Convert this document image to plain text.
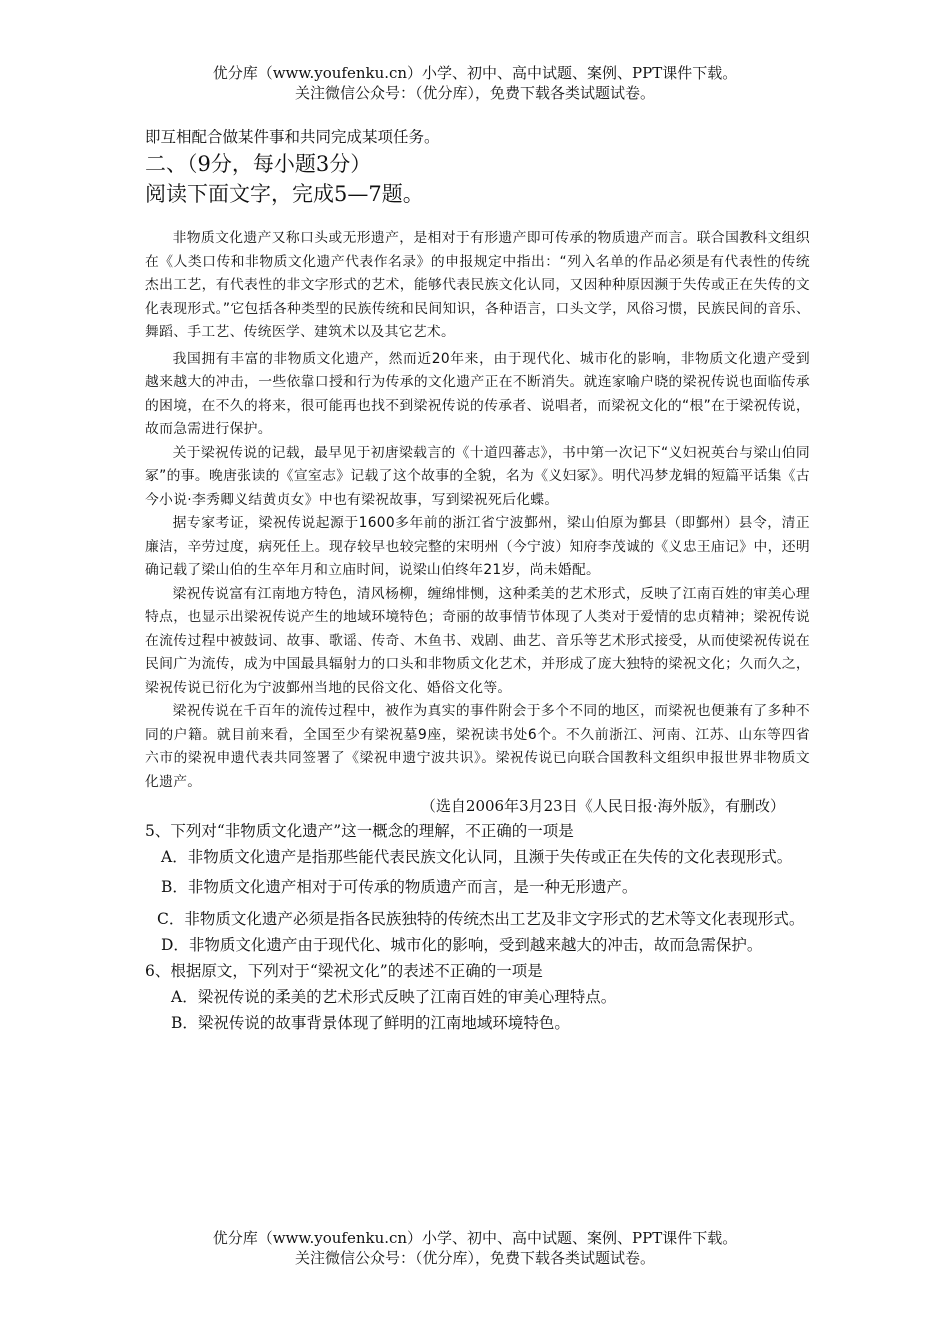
优分库（www.youfenku.cn）小学、初中、高中试题、案例、PPT课件下载。
关注微信公众号：（优分库），免费下载各类试题试卷。

即互相配合做某件事和共同完成某项任务。

二、（9分，每小题3分）

阅读下面文字，完成5—7题。

非物质文化遗产又称口头或无形遗产，是相对于有形遗产即可传承的物质遗产而言。联合国教科文组织在《人类口传和非物质文化遗产代表作名录》的申报规定中指出：“列入名单的作品必须是有代表性的传统杰出工艺，有代表性的非文字形式的艺术，能够代表民族文化认同，又因种种原因濒于失传或正在失传的文化表现形式。”它包括各种类型的民族传统和民间知识，各种语言，口头文学，风俗习惯，民族民间的音乐、舞蹈、手工艺、传统医学、建筑术以及其它艺术。

我国拥有丰富的非物质文化遗产，然而近20年来，由于现代化、城市化的影响，非物质文化遗产受到越来越大的冲击，一些依靠口授和行为传承的文化遗产正在不断消失。就连家喻户晓的梁祝传说也面临传承的困境，在不久的将来，很可能再也找不到梁祝传说的传承者、说唱者，而梁祝文化的“根”在于梁祝传说，故而急需进行保护。

关于梁祝传说的记载，最早见于初唐梁载言的《十道四蕃志》，书中第一次记下“义妇祝英台与梁山伯同冢”的事。晚唐张读的《宣室志》记载了这个故事的全貌，名为《义妇冢》。明代冯梦龙辑的短篇平话集《古今小说·李秀卿义结黄贞女》中也有梁祝故事，写到梁祝死后化蝶。

据专家考证，梁祝传说起源于1600多年前的浙江省宁波鄞州，梁山伯原为鄞县（即鄞州）县令，清正廉洁，辛劳过度，病死任上。现存较早也较完整的宋明州（今宁波）知府李茂诚的《义忠王庙记》中，还明确记载了梁山伯的生卒年月和立庙时间，说梁山伯终年21岁，尚未婚配。

梁祝传说富有江南地方特色，清风杨柳，缠绵悱恻，这种柔美的艺术形式，反映了江南百姓的审美心理特点，也显示出梁祝传说产生的地域环境特色；奇丽的故事情节体现了人类对于爱情的忠贞精神；梁祝传说在流传过程中被鼓词、故事、歌谣、传奇、木鱼书、戏剧、曲艺、音乐等艺术形式接受，从而使梁祝传说在民间广为流传，成为中国最具辐射力的口头和非物质文化艺术，并形成了庞大独特的梁祝文化；久而久之，梁祝传说已衍化为宁波鄞州当地的民俗文化、婚俗文化等。

梁祝传说在千百年的流传过程中，被作为真实的事件附会于多个不同的地区，而梁祝也便兼有了多种不同的户籍。就目前来看，全国至少有梁祝墓9座，梁祝读书处6个。不久前浙江、河南、江苏、山东等四省六市的梁祝申遗代表共同签署了《梁祝申遗宁波共识》。梁祝传说已向联合国教科文组织申报世界非物质文化遗产。

（选自2006年3月23日《人民日报·海外版》，有删改）

5、下列对“非物质文化遗产”这一概念的理解，不正确的一项是

A．非物质文化遗产是指那些能代表民族文化认同，且濒于失传或正在失传的文化表现形式。

B．非物质文化遗产相对于可传承的物质遗产而言，是一种无形遗产。

C．非物质文化遗产必须是指各民族独特的传统杰出工艺及非文字形式的艺术等文化表现形式。

D．非物质文化遗产由于现代化、城市化的影响，受到越来越大的冲击，故而急需保护。

6、根据原文，下列对于“梁祝文化”的表述不正确的一项是

A．梁祝传说的柔美的艺术形式反映了江南百姓的审美心理特点。

B．梁祝传说的故事背景体现了鲜明的江南地域环境特色。

优分库（www.youfenku.cn）小学、初中、高中试题、案例、PPT课件下载。
关注微信公众号：（优分库），免费下载各类试题试卷。
